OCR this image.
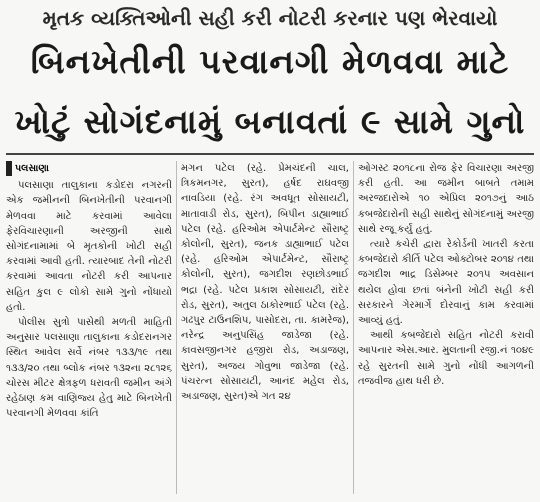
મૃતક વ્યક્તિઓની સહી કરી નોટરી કરનાર પણ ભેરવાયો
બિનખેતીની પરવાનગી મેળવવા માટે
ખોટું સોગંદનામું બનાવતાં ૯ સામે ગુનો
પલસાણા

પલસાણા તાલુકાના કડોદરા નગરની એક જમીનની બિનખેતીની પરવાનગી મેળવવા માટે કરવામાં આવેલા ફેરવિચારણાની અરજીની સાથે સોગંદનામામાં બે મૃતકોની ખોટી સહી કરવામાં આવી હતી. ત્યારબાદ તેની નોટરી કરવામાં આવતા નોટરી કરી આપનાર સહિત કુલ ૯ લોકો સામે ગુનો નોંધાયો હતો.

પોલીસ સુત્રો પાસેથી મળતી માહિતી અનુસાર પલસાણા તાલુકાના કડોદરાનગર સ્થિત આવેલ સર્વે નંબર ૧૩૩/૧૯ તથા ૧૩૩/૨૦ તથા બ્લોક નંબર ૧૩૨ના ૨૮૧૨૬ ચોરસ મીટર ક્ષેત્રફળ ધરાવતી જમીન અંગે રહેઠાણ કમ વાણિજ્ય હેતુ માટે બિનખેતી પરવાનગી મેળવવા કાંતિ

મગન પટેલ (રહે. પ્રેમચંદની ચાલ, ત્રિકમનગર, સુરત), હર્ષદ રાઘવજી નાવડિયા (રહે. રંગ અવધૂત સોસાયટી, માતાવાડી રોડ, સુરત), બિપીન ડાહ્યાભાઈ પટેલ (રહે. હરિઓમ એપાર્ટમેન્ટ સૌરાષ્ટ્ર કોલોની, સુરત), જનક ડાહ્યાભાઈ પટેલ (રહે. હરિઓમ એપાર્ટમેન્ટ, સૌરાષ્ટ્ર કોલોની, સુરત), જગદીશ રણછોડભાઈ ભદ્રા (રહે. પટેલ પ્રકાશ સોસાયટી, રાંદેર રોડ, સુરત), અતુલ ઠાકોરભાઈ પટેલ (રહે. ગઢપુર ટાઉનશિપ, પાસોદરા, તા. કામરેજ), નરેન્દ્ર અનુપસિંહ જાડેજા (રહે. કાવસજીનગર હજીરા રોડ, અડાજણ, સુરત), અજય ગોવુભા જાડેજા (રહે. પંચરત્ન સોસાયટી, આનંદ મહેલ રોડ, અડાજણ, સુરત)એ ગત ૨૪

ઓગસ્ટ ૨૦૧૮ના રોજ ફેર વિચારણા અરજી કરી હતી. આ જમીન બાબતે તમામ અરજદારોએ ૧૦ એપ્રિલ ૨૦૧૭નું આઠ કબજેદારોની સહી સાથેનું સોગંદનામું અરજી સાથે રજૂ કર્યું હતું.

ત્યારે કચેરી દ્વારા રેકોર્ડની ખાતરી કરતા કબજેદારો કીર્તિ પટેલ ઓક્ટોબર ૨૦૧૪ તથા જગદીશ ભાદ્ર ડિસેમ્બર ૨૦૧૫ અવસાન થયેલ હોવા છતાં બંનેની ખોટી સહી કરી સરકારને ગેરમાર્ગે દોરવાનું કામ કરવામાં આવ્યું હતું.

આથી કબજેદારો સહિત નોટરી કરાવી આપનાર એસ.આર. મુલતાની રજી.નં ૧૦૪૯ રહે સુરતની સામે ગુનો નોંધી આગળની તજવીજ હાથ ધરી છે.
